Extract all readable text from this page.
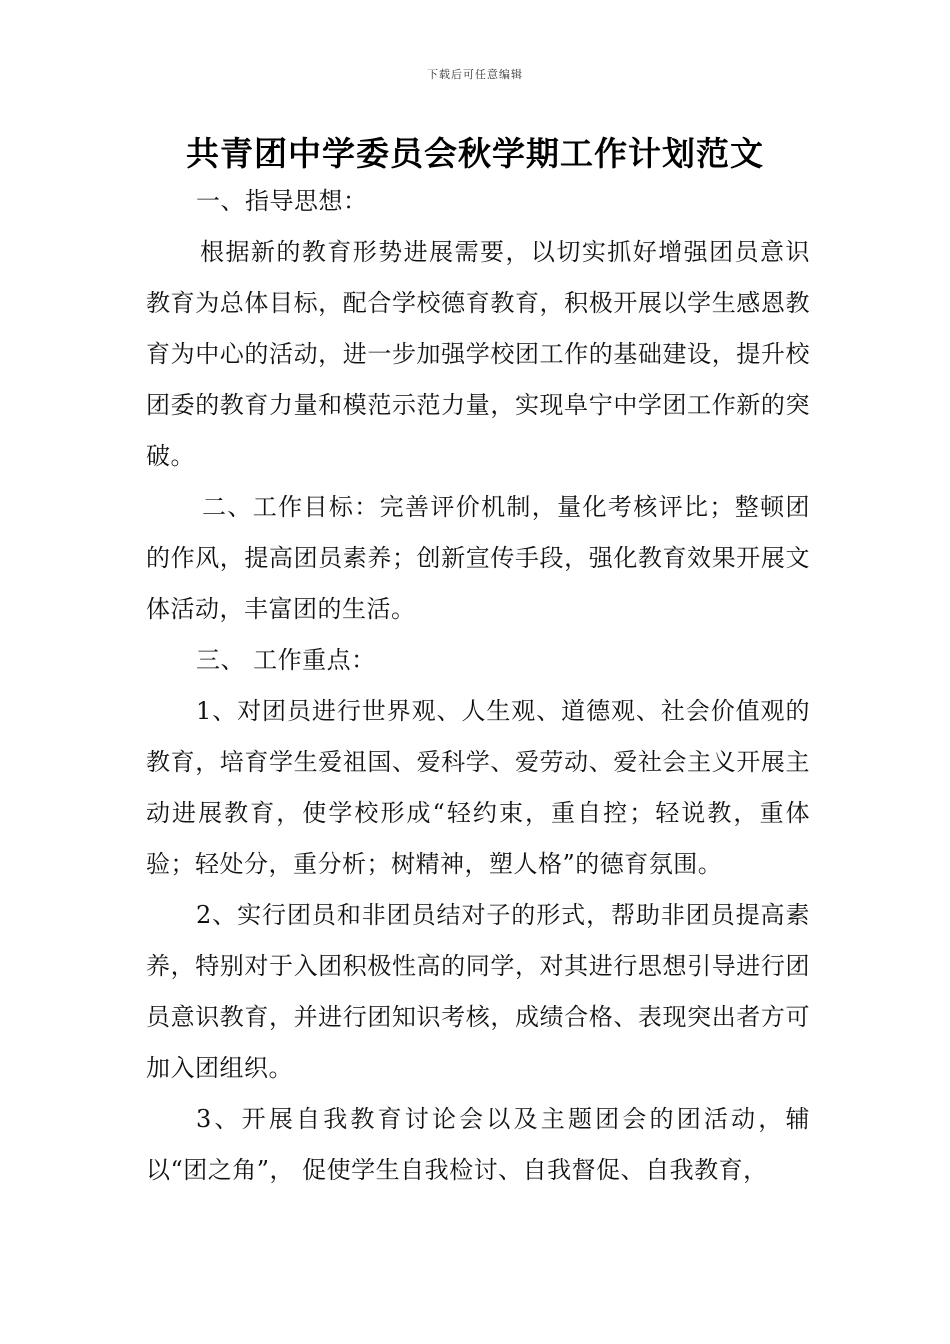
下载后可任意编辑
共青团中学委员会秋学期工作计划范文

一、指导思想：

根据新的教育形势进展需要，以切实抓好增强团员意识教育为总体目标，配合学校德育教育，积极开展以学生感恩教育为中心的活动，进一步加强学校团工作的基础建设，提升校团委的教育力量和模范示范力量，实现阜宁中学团工作新的突破。

二、工作目标：完善评价机制，量化考核评比；整顿团的作风，提高团员素养；创新宣传手段，强化教育效果开展文体活动，丰富团的生活。

三、 工作重点：

1、对团员进行世界观、人生观、道德观、社会价值观的教育，培育学生爱祖国、爱科学、爱劳动、爱社会主义开展主动进展教育，使学校形成“轻约束，重自控；轻说教，重体验；轻处分，重分析；树精神，塑人格”的德育氛围。

2、实行团员和非团员结对子的形式，帮助非团员提高素养，特别对于入团积极性高的同学，对其进行思想引导进行团员意识教育，并进行团知识考核，成绩合格、表现突出者方可加入团组织。

3、开展自我教育讨论会以及主题团会的团活动，辅以“团之角”， 促使学生自我检讨、自我督促、自我教育，
